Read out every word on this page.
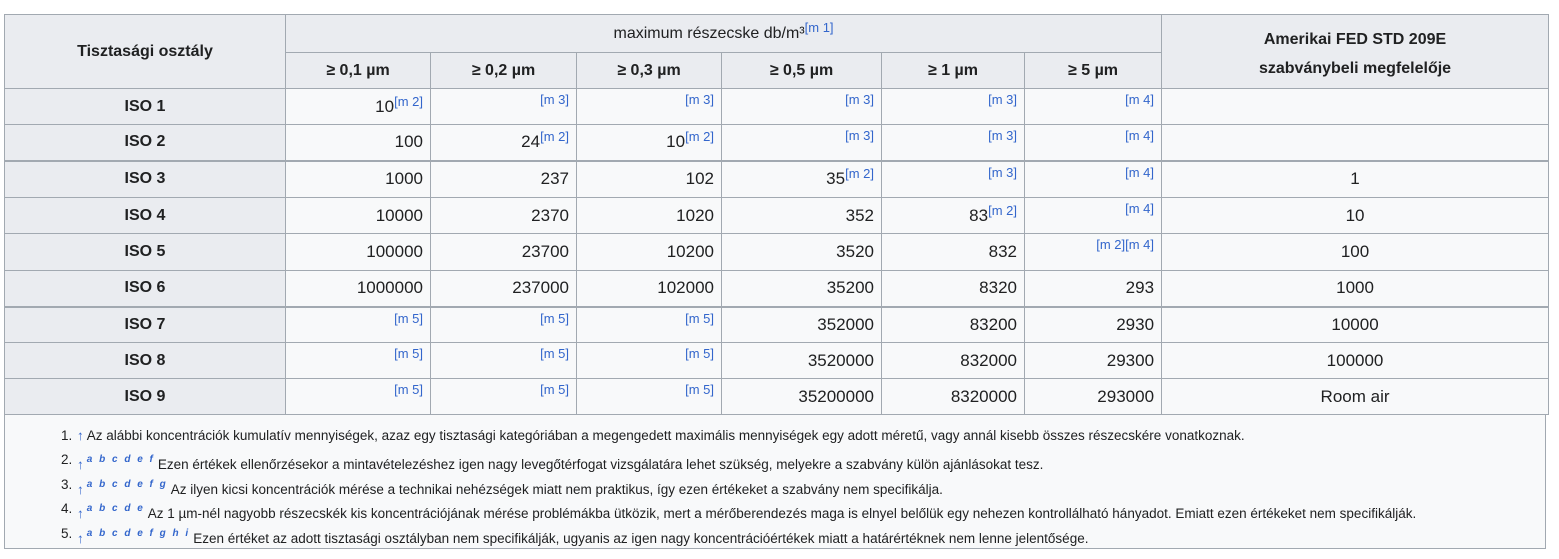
Tisztasági osztály	maximum részecske db/m³[m 1]						Amerikai FED STD 209E
szabványbeli megfelelője
	≥ 0,1 µm	≥ 0,2 µm	≥ 0,3 µm	≥ 0,5 µm	≥ 1 µm	≥ 5 µm	
ISO 1	10[m 2]	[m 3]	[m 3]	[m 3]	[m 3]	[m 4]	
ISO 2	100	24[m 2]	10[m 2]	[m 3]	[m 3]	[m 4]	
ISO 3	1000	237	102	35[m 2]	[m 3]	[m 4]	1
ISO 4	10000	2370	1020	352	83[m 2]	[m 4]	10
ISO 5	100000	23700	10200	3520	832	[m 2][m 4]	100
ISO 6	1000000	237000	102000	35200	8320	293	1000
ISO 7	[m 5]	[m 5]	[m 5]	352000	83200	2930	10000
ISO 8	[m 5]	[m 5]	[m 5]	3520000	832000	29300	100000
ISO 9	[m 5]	[m 5]	[m 5]	35200000	8320000	293000	Room air
1. ↑ Az alábbi koncentrációk kumulatív mennyiségek, azaz egy tisztasági kategóriában a megengedett maximális mennyiségek egy adott méretű, vagy annál kisebb összes részecskére vonatkoznak.
2. ↑ $^{a b c d e f}$ Ezen értékek ellenőrzésekor a mintavételezéshez igen nagy levegőtérfogat vizsgálatára lehet szükség, melyekre a szabvány külön ajánlásokat tesz.
3. ↑ $^{a b c d e f g}$ Az ilyen kicsi koncentrációk mérése a technikai nehézségek miatt nem praktikus, így ezen értékeket a szabvány nem specifikálja.
4. ↑ $^{a b c d e}$ Az 1 µm-nél nagyobb részecskék kis koncentrációjának mérése problémákba ütközik, mert a mérőberendezés maga is elnyel belőlük egy nehezen kontrollálható hányadot. Emiatt ezen értékeket nem specifikálják.
5. ↑ $^{a b c d e f g h i}$ Ezen értéket az adott tisztasági osztályban nem specifikálják, ugyanis az igen nagy koncentrációértékek miatt a határértéknek nem lenne jelentősége.
